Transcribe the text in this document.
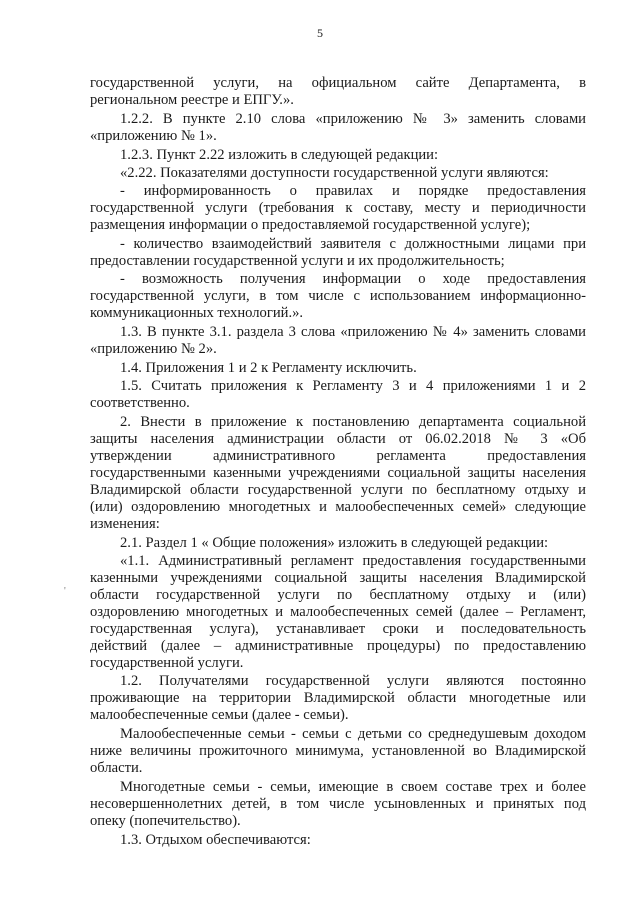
5
государственной услуги, на официальном сайте Департамента, в
региональном реестре и ЕПГУ.».
1.2.2. В пункте 2.10 слова «приложению № 3» заменить словами
«приложению № 1».
1.2.3. Пункт 2.22 изложить в следующей редакции:
«2.22. Показателями доступности государственной услуги являются:
- информированность о правилах и порядке предоставления
государственной услуги (требования к составу, месту и периодичности
размещения информации о предоставляемой государственной услуге);
- количество взаимодействий заявителя с должностными лицами при
предоставлении государственной услуги и их продолжительность;
- возможность получения информации о ходе предоставления
государственной услуги, в том числе с использованием информационно-
коммуникационных технологий.».
1.3. В пункте 3.1. раздела 3 слова «приложению № 4» заменить словами
«приложению № 2».
1.4. Приложения 1 и 2 к Регламенту исключить.
1.5. Считать приложения к Регламенту 3 и 4 приложениями 1 и 2
соответственно.
2. Внести в приложение к постановлению департамента социальной
защиты населения администрации области от 06.02.2018 № 3 «Об
утверждении административного регламента предоставления
государственными казенными учреждениями социальной защиты населения
Владимирской области государственной услуги по бесплатному отдыху и
(или) оздоровлению многодетных и малообеспеченных семей» следующие
изменения:
2.1. Раздел 1 « Общие положения» изложить в следующей редакции:
«1.1. Административный регламент предоставления государственными
казенными учреждениями социальной защиты населения Владимирской
области государственной услуги по бесплатному отдыху и (или)
оздоровлению многодетных и малообеспеченных семей (далее – Регламент,
государственная услуга), устанавливает сроки и последовательность
действий (далее – административные процедуры) по предоставлению
государственной услуги.
1.2. Получателями государственной услуги являются постоянно
проживающие на территории Владимирской области многодетные или
малообеспеченные семьи (далее - семьи).
Малообеспеченные семьи - семьи с детьми со среднедушевым доходом
ниже величины прожиточного минимума, установленной во Владимирской
области.
Многодетные семьи - семьи, имеющие в своем составе трех и более
несовершеннолетних детей, в том числе усыновленных и принятых под
опеку (попечительство).
1.3. Отдыхом обеспечиваются:
'
